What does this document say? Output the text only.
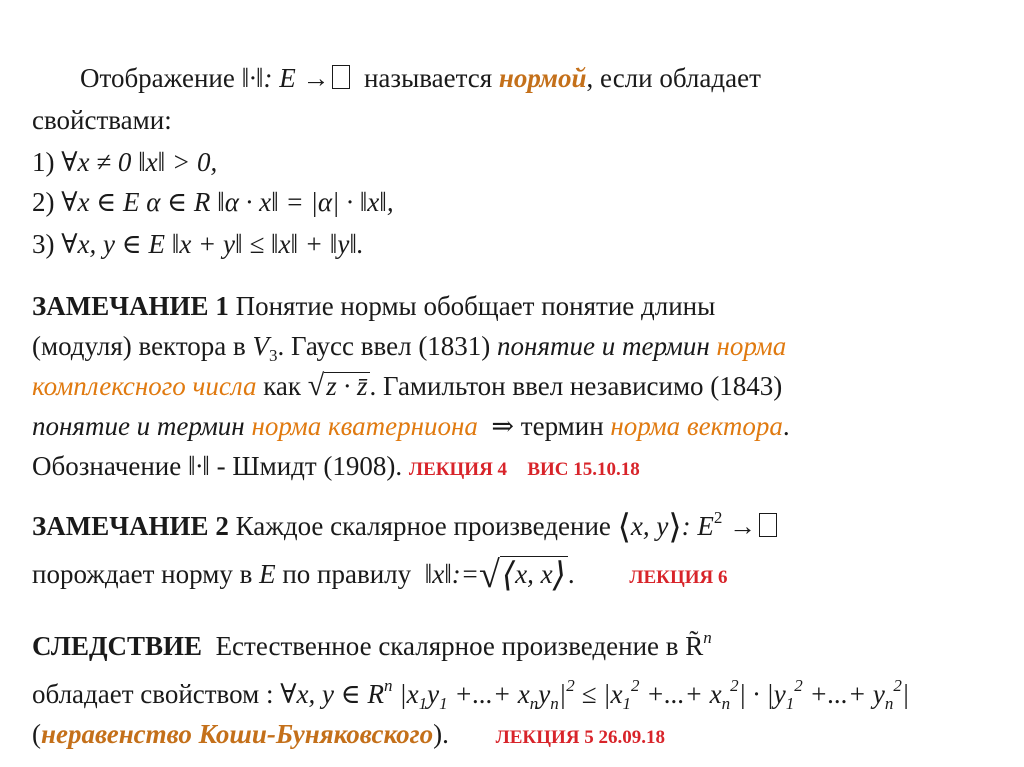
Отображение ‖·‖: E → называется нормой, если обладает
свойствами:
1) ∀x ≠ 0 ‖x‖ > 0,
2) ∀x ∈ E α ∈ R ‖α · x‖ = |α| · ‖x‖,
3) ∀x, y ∈ E ‖x + y‖ ≤ ‖x‖ + ‖y‖.
ЗАМЕЧАНИЕ 1 Понятие нормы обобщает понятие длины
(модуля) вектора в $V_3$. Гаусс ввел (1831) понятие и термин норма
комплексного числа как √z · z̄. Гамильтон ввел независимо (1843)
понятие и термин норма кватерниона ⇒ термин норма вектора.
Обозначение ‖·‖ - Шмидт (1908). ЛЕКЦИЯ 4 ВИС 15.10.18
ЗАМЕЧАНИЕ 2 Каждое скалярное произведение ⟨x, y⟩: $E^2$ →
порождает норму в E по правилу ‖x‖:=√⟨x, x⟩.	ЛЕКЦИЯ 6
СЛЕДСТВИЕ Естественное скалярное произведение в R̃$^n$
обладает свойством : ∀x, y ∈ $R^n$ $|x_1y_1$ +...+ $x_ny_n|^2 \le |x_1^2$ +...+ $x_n^2| \cdot |y_1^2$ +...+ $y_n^2|$
(неравенство Коши-Буняковского). ЛЕКЦИЯ 5 26.09.18
